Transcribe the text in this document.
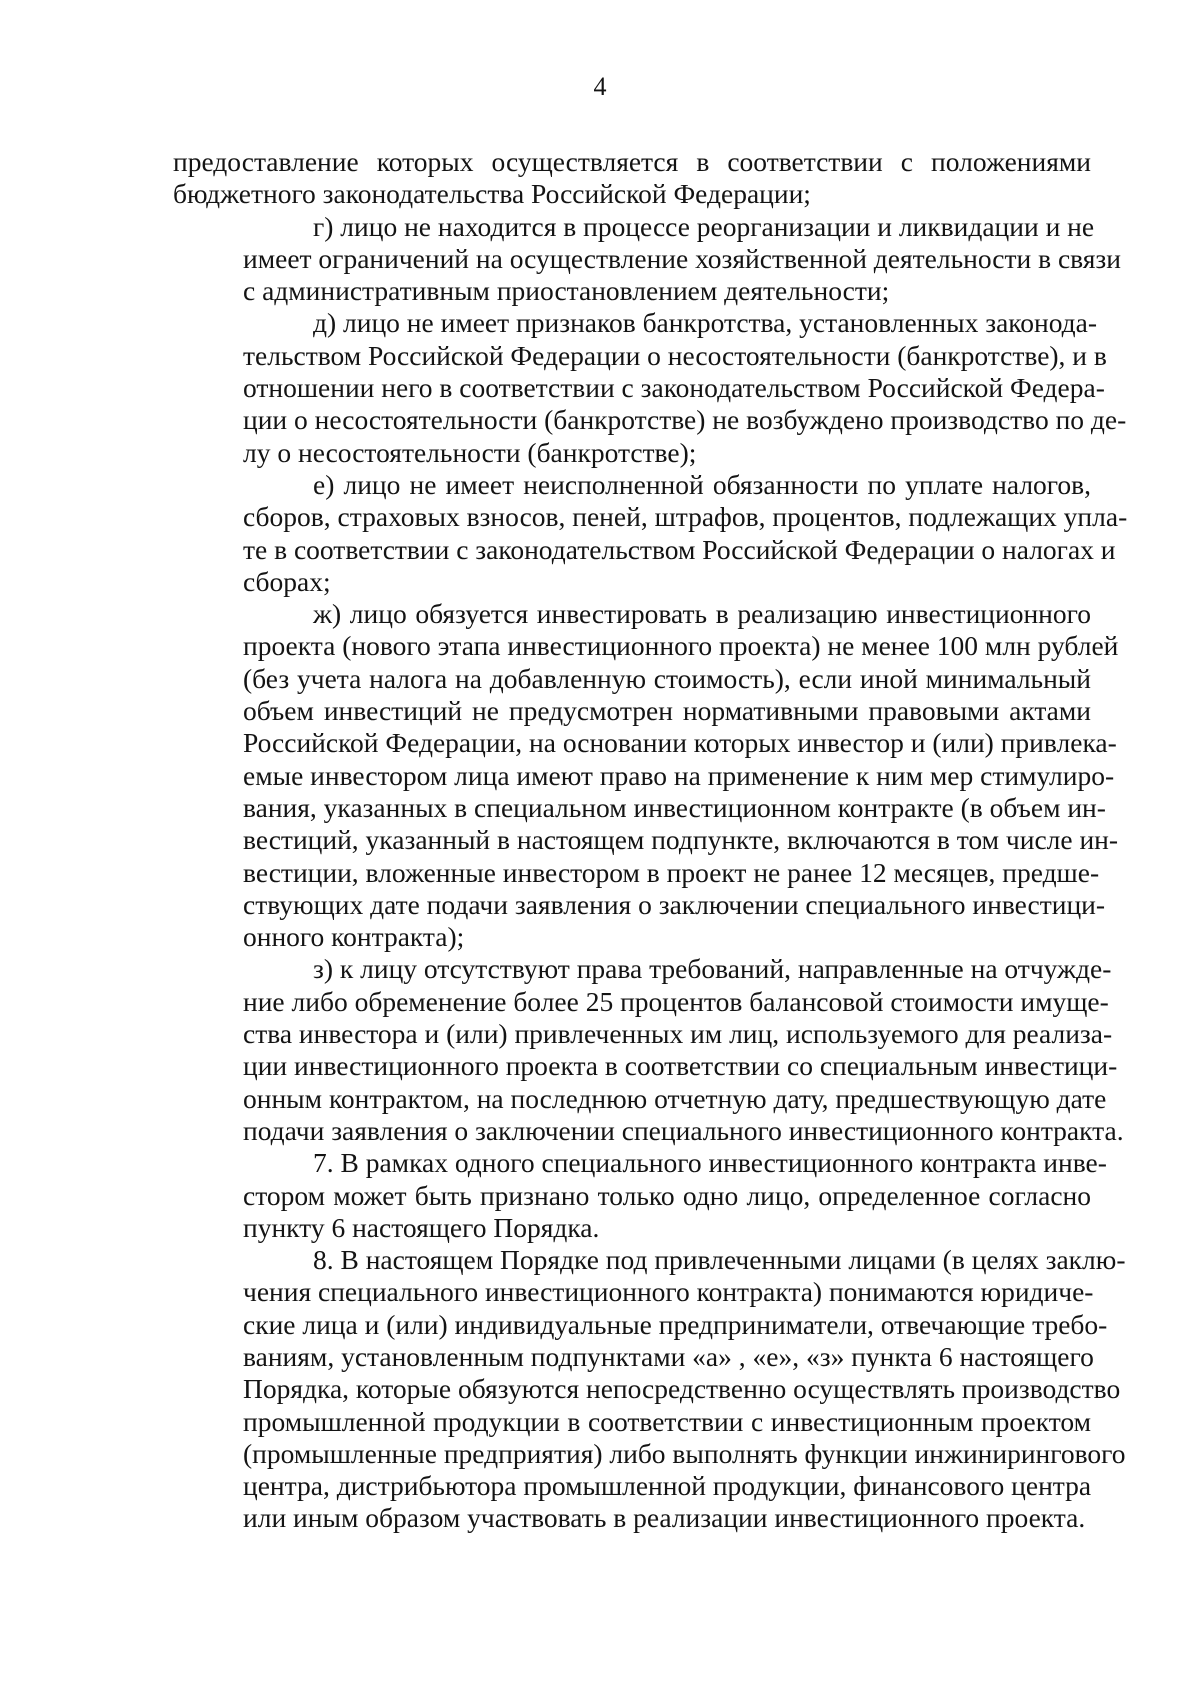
4
предоставление которых осуществляется в соответствии с положениями
бюджетного законодательства Российской Федерации;
г) лицо не находится в процессе реорганизации и ликвидации и не
имеет ограничений на осуществление хозяйственной деятельности в связи
с административным приостановлением деятельности;
д) лицо не имеет признаков банкротства, установленных законода-
тельством Российской Федерации о несостоятельности (банкротстве), и в
отношении него в соответствии с законодательством Российской Федера-
ции о несостоятельности (банкротстве) не возбуждено производство по де-
лу о несостоятельности (банкротстве);
е) лицо не имеет неисполненной обязанности по уплате налогов,
сборов, страховых взносов, пеней, штрафов, процентов, подлежащих упла-
те в соответствии с законодательством Российской Федерации о налогах и
сборах;
ж) лицо обязуется инвестировать в реализацию инвестиционного
проекта (нового этапа инвестиционного проекта) не менее 100 млн рублей
(без учета налога на добавленную стоимость), если иной минимальный
объем инвестиций не предусмотрен нормативными правовыми актами
Российской Федерации, на основании которых инвестор и (или) привлека-
емые инвестором лица имеют право на применение к ним мер стимулиро-
вания, указанных в специальном инвестиционном контракте (в объем ин-
вестиций, указанный в настоящем подпункте, включаются в том числе ин-
вестиции, вложенные инвестором в проект не ранее 12 месяцев, предше-
ствующих дате подачи заявления о заключении специального инвестици-
онного контракта);
з) к лицу отсутствуют права требований, направленные на отчужде-
ние либо обременение более 25 процентов балансовой стоимости имуще-
ства инвестора и (или) привлеченных им лиц, используемого для реализа-
ции инвестиционного проекта в соответствии со специальным инвестици-
онным контрактом, на последнюю отчетную дату, предшествующую дате
подачи заявления о заключении специального инвестиционного контракта.
7. В рамках одного специального инвестиционного контракта инве-
стором может быть признано только одно лицо, определенное согласно
пункту 6 настоящего Порядка.
8. В настоящем Порядке под привлеченными лицами (в целях заклю-
чения специального инвестиционного контракта) понимаются юридиче-
ские лица и (или) индивидуальные предприниматели, отвечающие требо-
ваниям, установленным подпунктами «а» , «е», «з» пункта 6 настоящего
Порядка, которые обязуются непосредственно осуществлять производство
промышленной продукции в соответствии с инвестиционным проектом
(промышленные предприятия) либо выполнять функции инжинирингового
центра, дистрибьютора промышленной продукции, финансового центра
или иным образом участвовать в реализации инвестиционного проекта.
